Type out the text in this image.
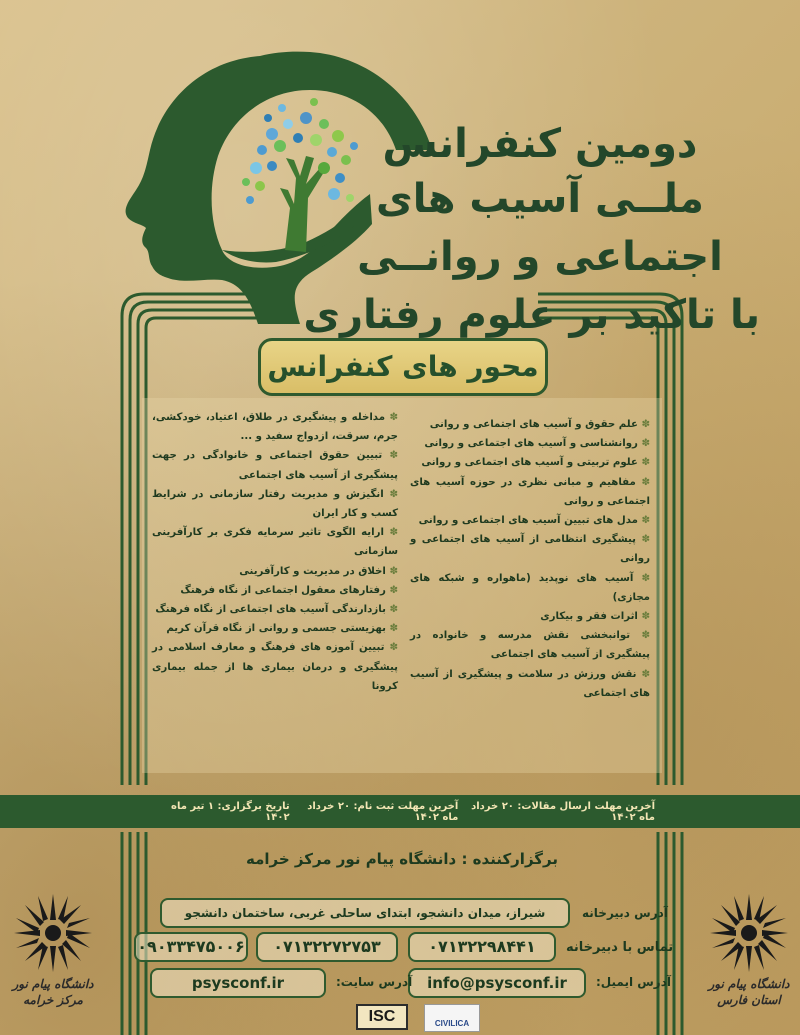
دومین کنفرانس
ملــی آسیب های
اجتماعی و روانــی
با تاکید بر علوم رفتاری
محور های کنفرانس
✽ علم حقوق و آسیب های اجتماعی و روانی
✽ روانشناسی و آسیب های اجتماعی و روانی
✽ علوم تربیتی و آسیب های اجتماعی و روانی
✽ مفاهیم و مبانی نظری در حوزه آسیب های اجتماعی و روانی
✽ مدل های تبیین آسیب های اجتماعی و روانی
✽ پیشگیری انتظامی از آسیب های اجتماعی و روانی
✽ آسیب های نوپدید (ماهواره و شبکه های مجازی)
✽ اثرات فقر و بیکاری
✽ توانبخشی نقش مدرسه و خانواده در پیشگیری از آسیب های اجتماعی
✽ نقش ورزش در سلامت و پیشگیری از آسیب های اجتماعی
✽ مداخله و پیشگیری در طلاق، اعتیاد، خودکشی، جرم، سرقت، ازدواج سفید و ...
✽ تبیین حقوق اجتماعی و خانوادگی در جهت پیشگیری از آسیب های اجتماعی
✽ انگیزش و مدیریت رفتار سازمانی در شرایط کسب و کار ایران
✽ ارایه الگوی تاثیر سرمایه فکری بر کارآفرینی سازمانی
✽ اخلاق در مدیریت و کارآفرینی
✽ رفتارهای معقول اجتماعی از نگاه فرهنگ
✽ بازدارندگی آسیب های اجتماعی از نگاه فرهنگ
✽ بهزیستی جسمی و روانی از نگاه قرآن کریم
✽ تبیین آموزه های فرهنگ و معارف اسلامی در پیشگیری و درمان بیماری ها از جمله بیماری کرونا
آخرین مهلت ارسال مقالات: ۲۰ خرداد ماه ۱۴۰۲
آخرین مهلت ثبت نام: ۲۰ خرداد ماه ۱۴۰۲
تاریخ برگزاری: ۱ تیر ماه ۱۴۰۲
برگزارکننده : دانشگاه پیام نور مرکز خرامه
آدرس دبیرخانه
شیراز، میدان دانشجو، ابتدای ساحلی غربی، ساختمان دانشجو
تماس با دبیرخانه
۰۷۱۳۲۲۹۸۴۴۱
۰۷۱۳۲۲۷۲۷۵۳
۰۹۰۳۳۴۷۵۰۰۶
آدرس ایمیل:
info@psysconf.ir
آدرس سایت:
psysconf.ir
ISC	CIVILICA
دانشگاه پیام نور
استان فارس
دانشگاه پیام نور
مرکز خرامه
